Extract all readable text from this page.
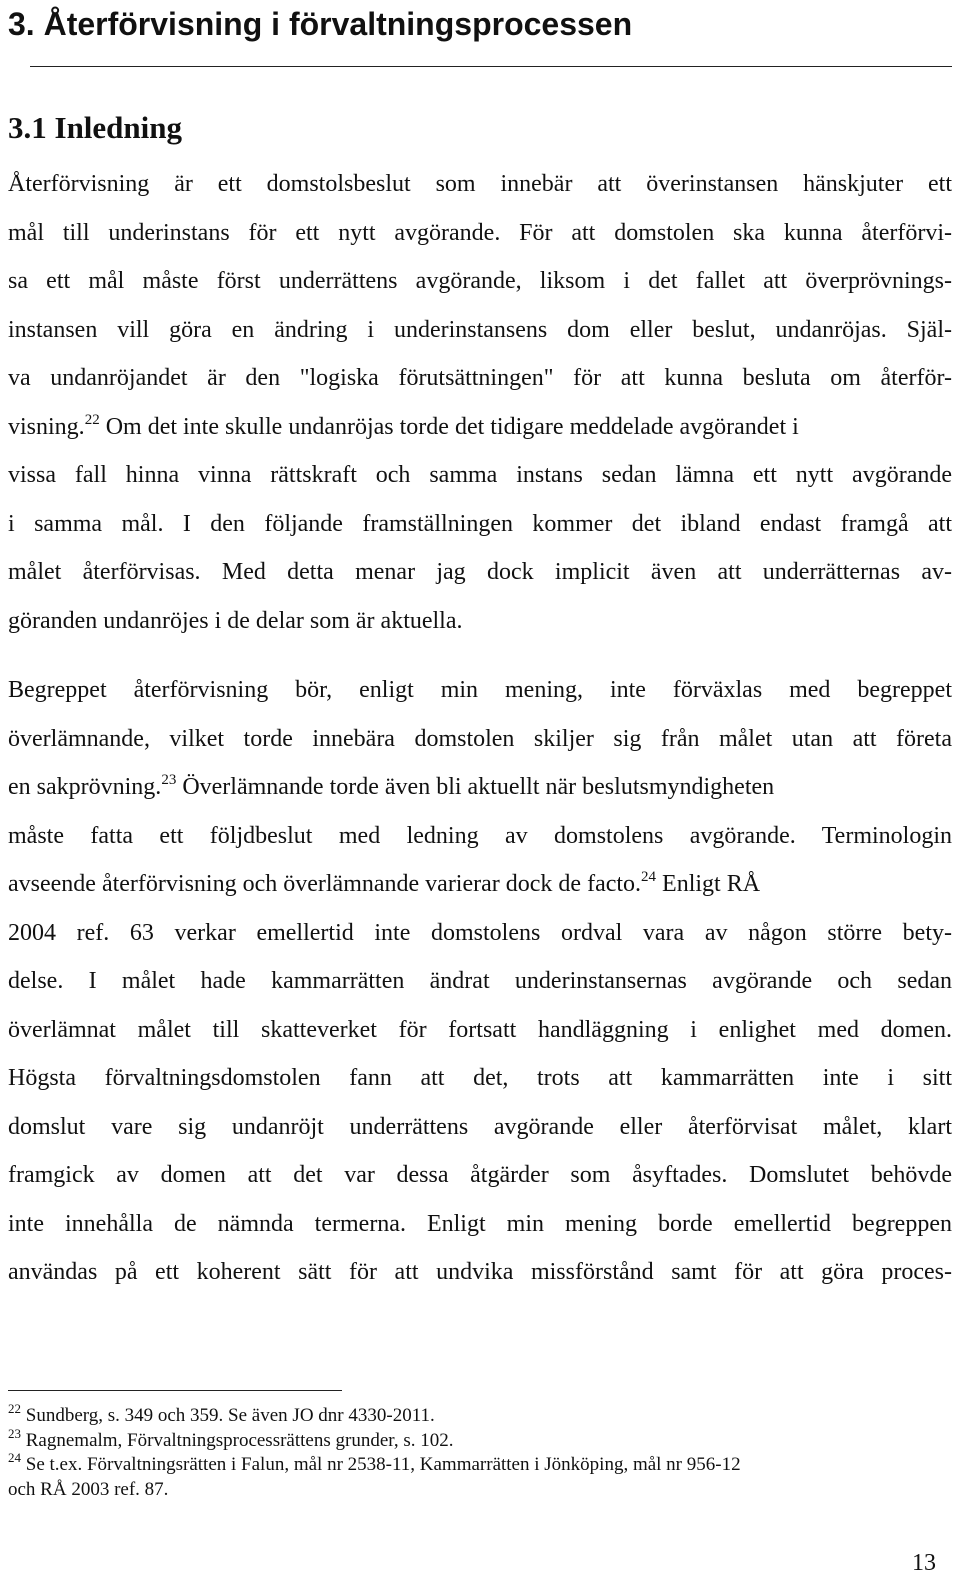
3. Återförvisning i förvaltningsprocessen
3.1 Inledning
Återförvisning är ett domstolsbeslut som innebär att överinstansen hänskjuter ett
mål till underinstans för ett nytt avgörande. För att domstolen ska kunna återförvi-
sa ett mål måste först underrättens avgörande, liksom i det fallet att överprövnings-
instansen vill göra en ändring i underinstansens dom eller beslut, undanröjas. Själ-
va undanröjandet är den "logiska förutsättningen" för att kunna besluta om återför-
visning.$^{22}$ Om det inte skulle undanröjas torde det tidigare meddelade avgörandet i
vissa fall hinna vinna rättskraft och samma instans sedan lämna ett nytt avgörande
i samma mål. I den följande framställningen kommer det ibland endast framgå att
målet återförvisas. Med detta menar jag dock implicit även att underrätternas av-
göranden undanröjes i de delar som är aktuella.
Begreppet återförvisning bör, enligt min mening, inte förväxlas med begreppet
överlämnande, vilket torde innebära domstolen skiljer sig från målet utan att företa
en sakprövning.$^{23}$ Överlämnande torde även bli aktuellt när beslutsmyndigheten
måste fatta ett följdbeslut med ledning av domstolens avgörande. Terminologin
avseende återförvisning och överlämnande varierar dock de facto.$^{24}$ Enligt RÅ
2004 ref. 63 verkar emellertid inte domstolens ordval vara av någon större bety-
delse. I målet hade kammarrätten ändrat underinstansernas avgörande och sedan
överlämnat målet till skatteverket för fortsatt handläggning i enlighet med domen.
Högsta förvaltningsdomstolen fann att det, trots att kammarrätten inte i sitt
domslut vare sig undanröjt underrättens avgörande eller återförvisat målet, klart
framgick av domen att det var dessa åtgärder som åsyftades. Domslutet behövde
inte innehålla de nämnda termerna. Enligt min mening borde emellertid begreppen
användas på ett koherent sätt för att undvika missförstånd samt för att göra proces-
$^{22}$ Sundberg, s. 349 och 359. Se även JO dnr 4330-2011.
$^{23}$ Ragnemalm, Förvaltningsprocessrättens grunder, s. 102.
$^{24}$ Se t.ex. Förvaltningsrätten i Falun, mål nr 2538-11, Kammarrätten i Jönköping, mål nr 956-12
och RÅ 2003 ref. 87.
13
